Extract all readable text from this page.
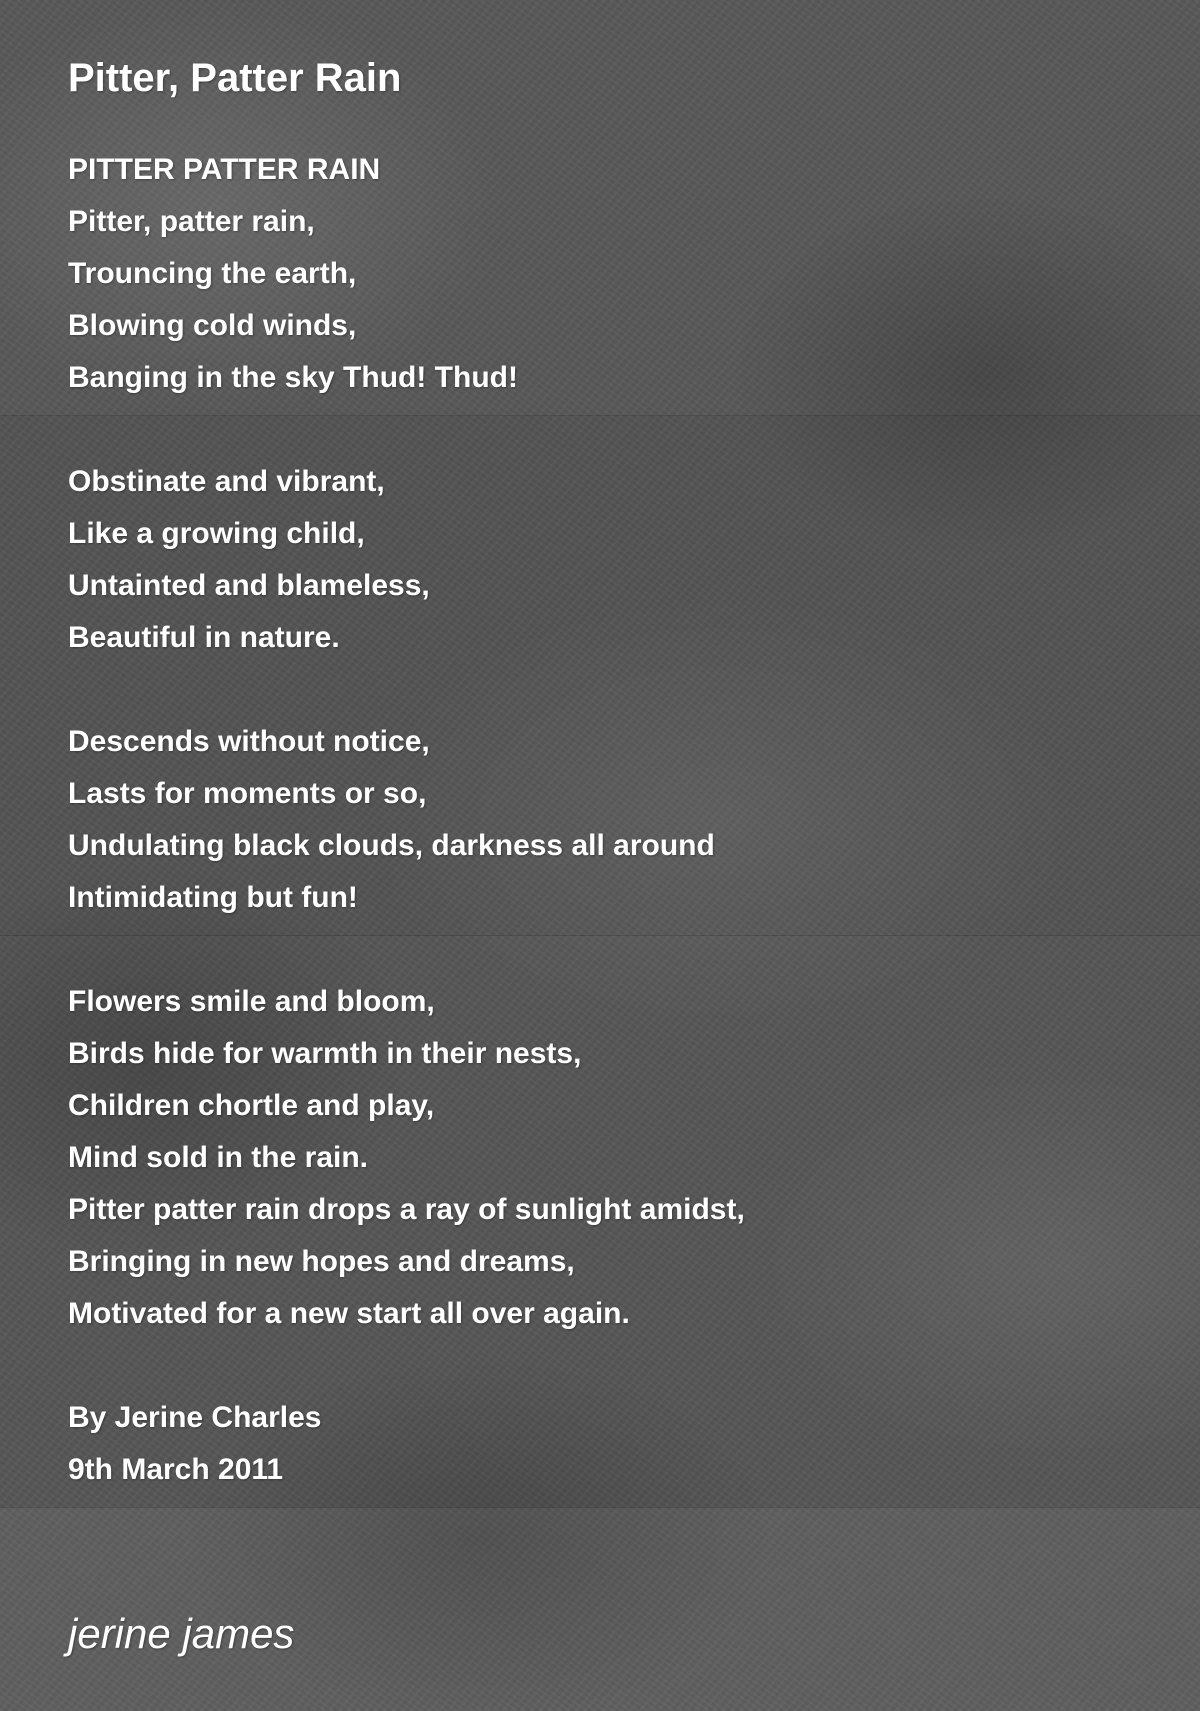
Pitter, Patter Rain
PITTER PATTER RAIN
Pitter, patter rain,
Trouncing the earth,
Blowing cold winds,
Banging in the sky Thud! Thud!
Obstinate and vibrant,
Like a growing child,
Untainted and blameless,
Beautiful in nature.
Descends without notice,
Lasts for moments or so,
Undulating black clouds, darkness all around
Intimidating but fun!
Flowers smile and bloom,
Birds hide for warmth in their nests,
Children chortle and play,
Mind sold in the rain.
Pitter patter rain drops a ray of sunlight amidst,
Bringing in new hopes and dreams,
Motivated for a new start all over again.
By Jerine Charles
9th March 2011
jerine james
